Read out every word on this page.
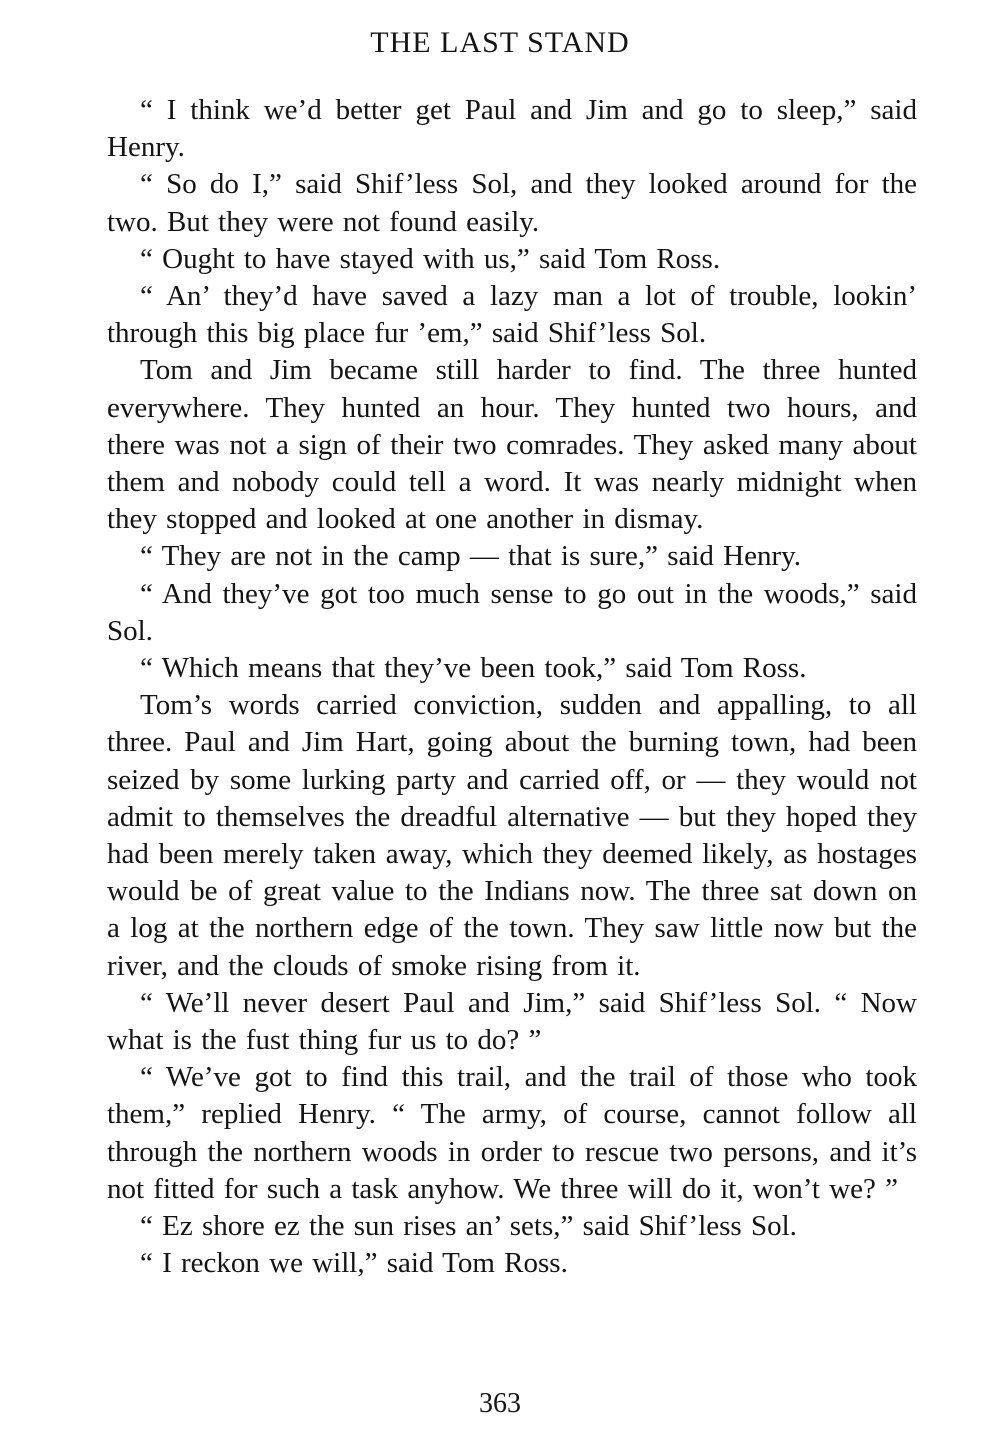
THE LAST STAND

“ I think we’d better get Paul and Jim and go to sleep,” said Henry.

“ So do I,” said Shif’less Sol, and they looked around for the two. But they were not found easily.

“ Ought to have stayed with us,” said Tom Ross.

“ An’ they’d have saved a lazy man a lot of trouble, lookin’ through this big place fur ’em,” said Shif’less Sol.

Tom and Jim became still harder to find. The three hunted everywhere. They hunted an hour. They hunted two hours, and there was not a sign of their two comrades. They asked many about them and nobody could tell a word. It was nearly midnight when they stopped and looked at one another in dismay.

“ They are not in the camp — that is sure,” said Henry.

“ And they’ve got too much sense to go out in the woods,” said Sol.

“ Which means that they’ve been took,” said Tom Ross.

Tom’s words carried conviction, sudden and appalling, to all three. Paul and Jim Hart, going about the burning town, had been seized by some lurking party and carried off, or — they would not admit to themselves the dreadful alternative — but they hoped they had been merely taken away, which they deemed likely, as hostages would be of great value to the Indians now. The three sat down on a log at the northern edge of the town. They saw little now but the river, and the clouds of smoke rising from it.

“ We’ll never desert Paul and Jim,” said Shif’less Sol. “ Now what is the fust thing fur us to do? ”

“ We’ve got to find this trail, and the trail of those who took them,” replied Henry. “ The army, of course, cannot follow all through the northern woods in order to rescue two persons, and it’s not fitted for such a task anyhow. We three will do it, won’t we? ”

“ Ez shore ez the sun rises an’ sets,” said Shif’less Sol.

“ I reckon we will,” said Tom Ross.

363
